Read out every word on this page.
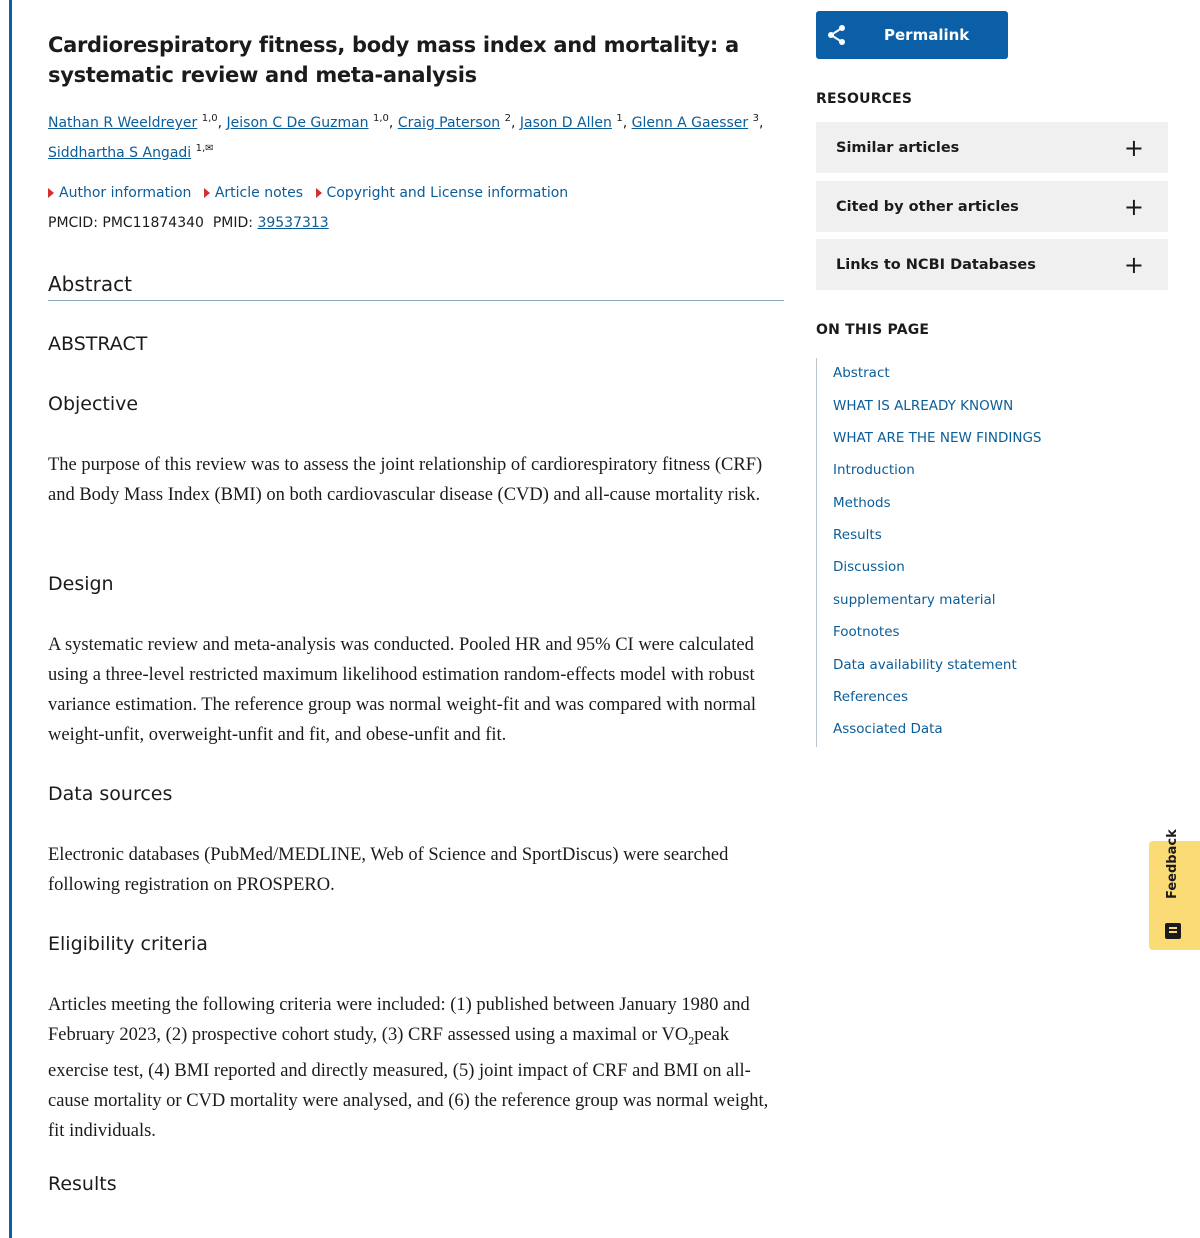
Cardiorespiratory fitness, body mass index and mortality: a systematic review and meta-analysis
Nathan R Weeldreyer $^{1,0}$, Jeison C De Guzman $^{1,0}$, Craig Paterson $^2$, Jason D Allen $^1$, Glenn A Gaesser $^3$, Siddhartha S Angadi $^{1,✉}$
Author information
Article notes
Copyright and License information
PMCID: PMC11874340 PMID: 39537313
Abstract
ABSTRACT
Objective
The purpose of this review was to assess the joint relationship of cardiorespiratory fitness (CRF) and Body Mass Index (BMI) on both cardiovascular disease (CVD) and all-cause mortality risk.
Design
A systematic review and meta-analysis was conducted. Pooled HR and 95% CI were calculated using a three-level restricted maximum likelihood estimation random-effects model with robust variance estimation. The reference group was normal weight-fit and was compared with normal weight-unfit, overweight-unfit and fit, and obese-unfit and fit.
Data sources
Electronic databases (PubMed/MEDLINE, Web of Science and SportDiscus) were searched following registration on PROSPERO.
Eligibility criteria
Articles meeting the following criteria were included: (1) published between January 1980 and February 2023, (2) prospective cohort study, (3) CRF assessed using a maximal or $VO_2peak$ exercise test, (4) BMI reported and directly measured, (5) joint impact of CRF and BMI on all-cause mortality or CVD mortality were analysed, and (6) the reference group was normal weight, fit individuals.
Results
Permalink
RESOURCES
Similar articles	+
Cited by other articles	+
Links to NCBI Databases	+
ON THIS PAGE
Abstract
WHAT IS ALREADY KNOWN
WHAT ARE THE NEW FINDINGS
Introduction
Methods
Results
Discussion
supplementary material
Footnotes
Data availability statement
References
Associated Data
Feedback
